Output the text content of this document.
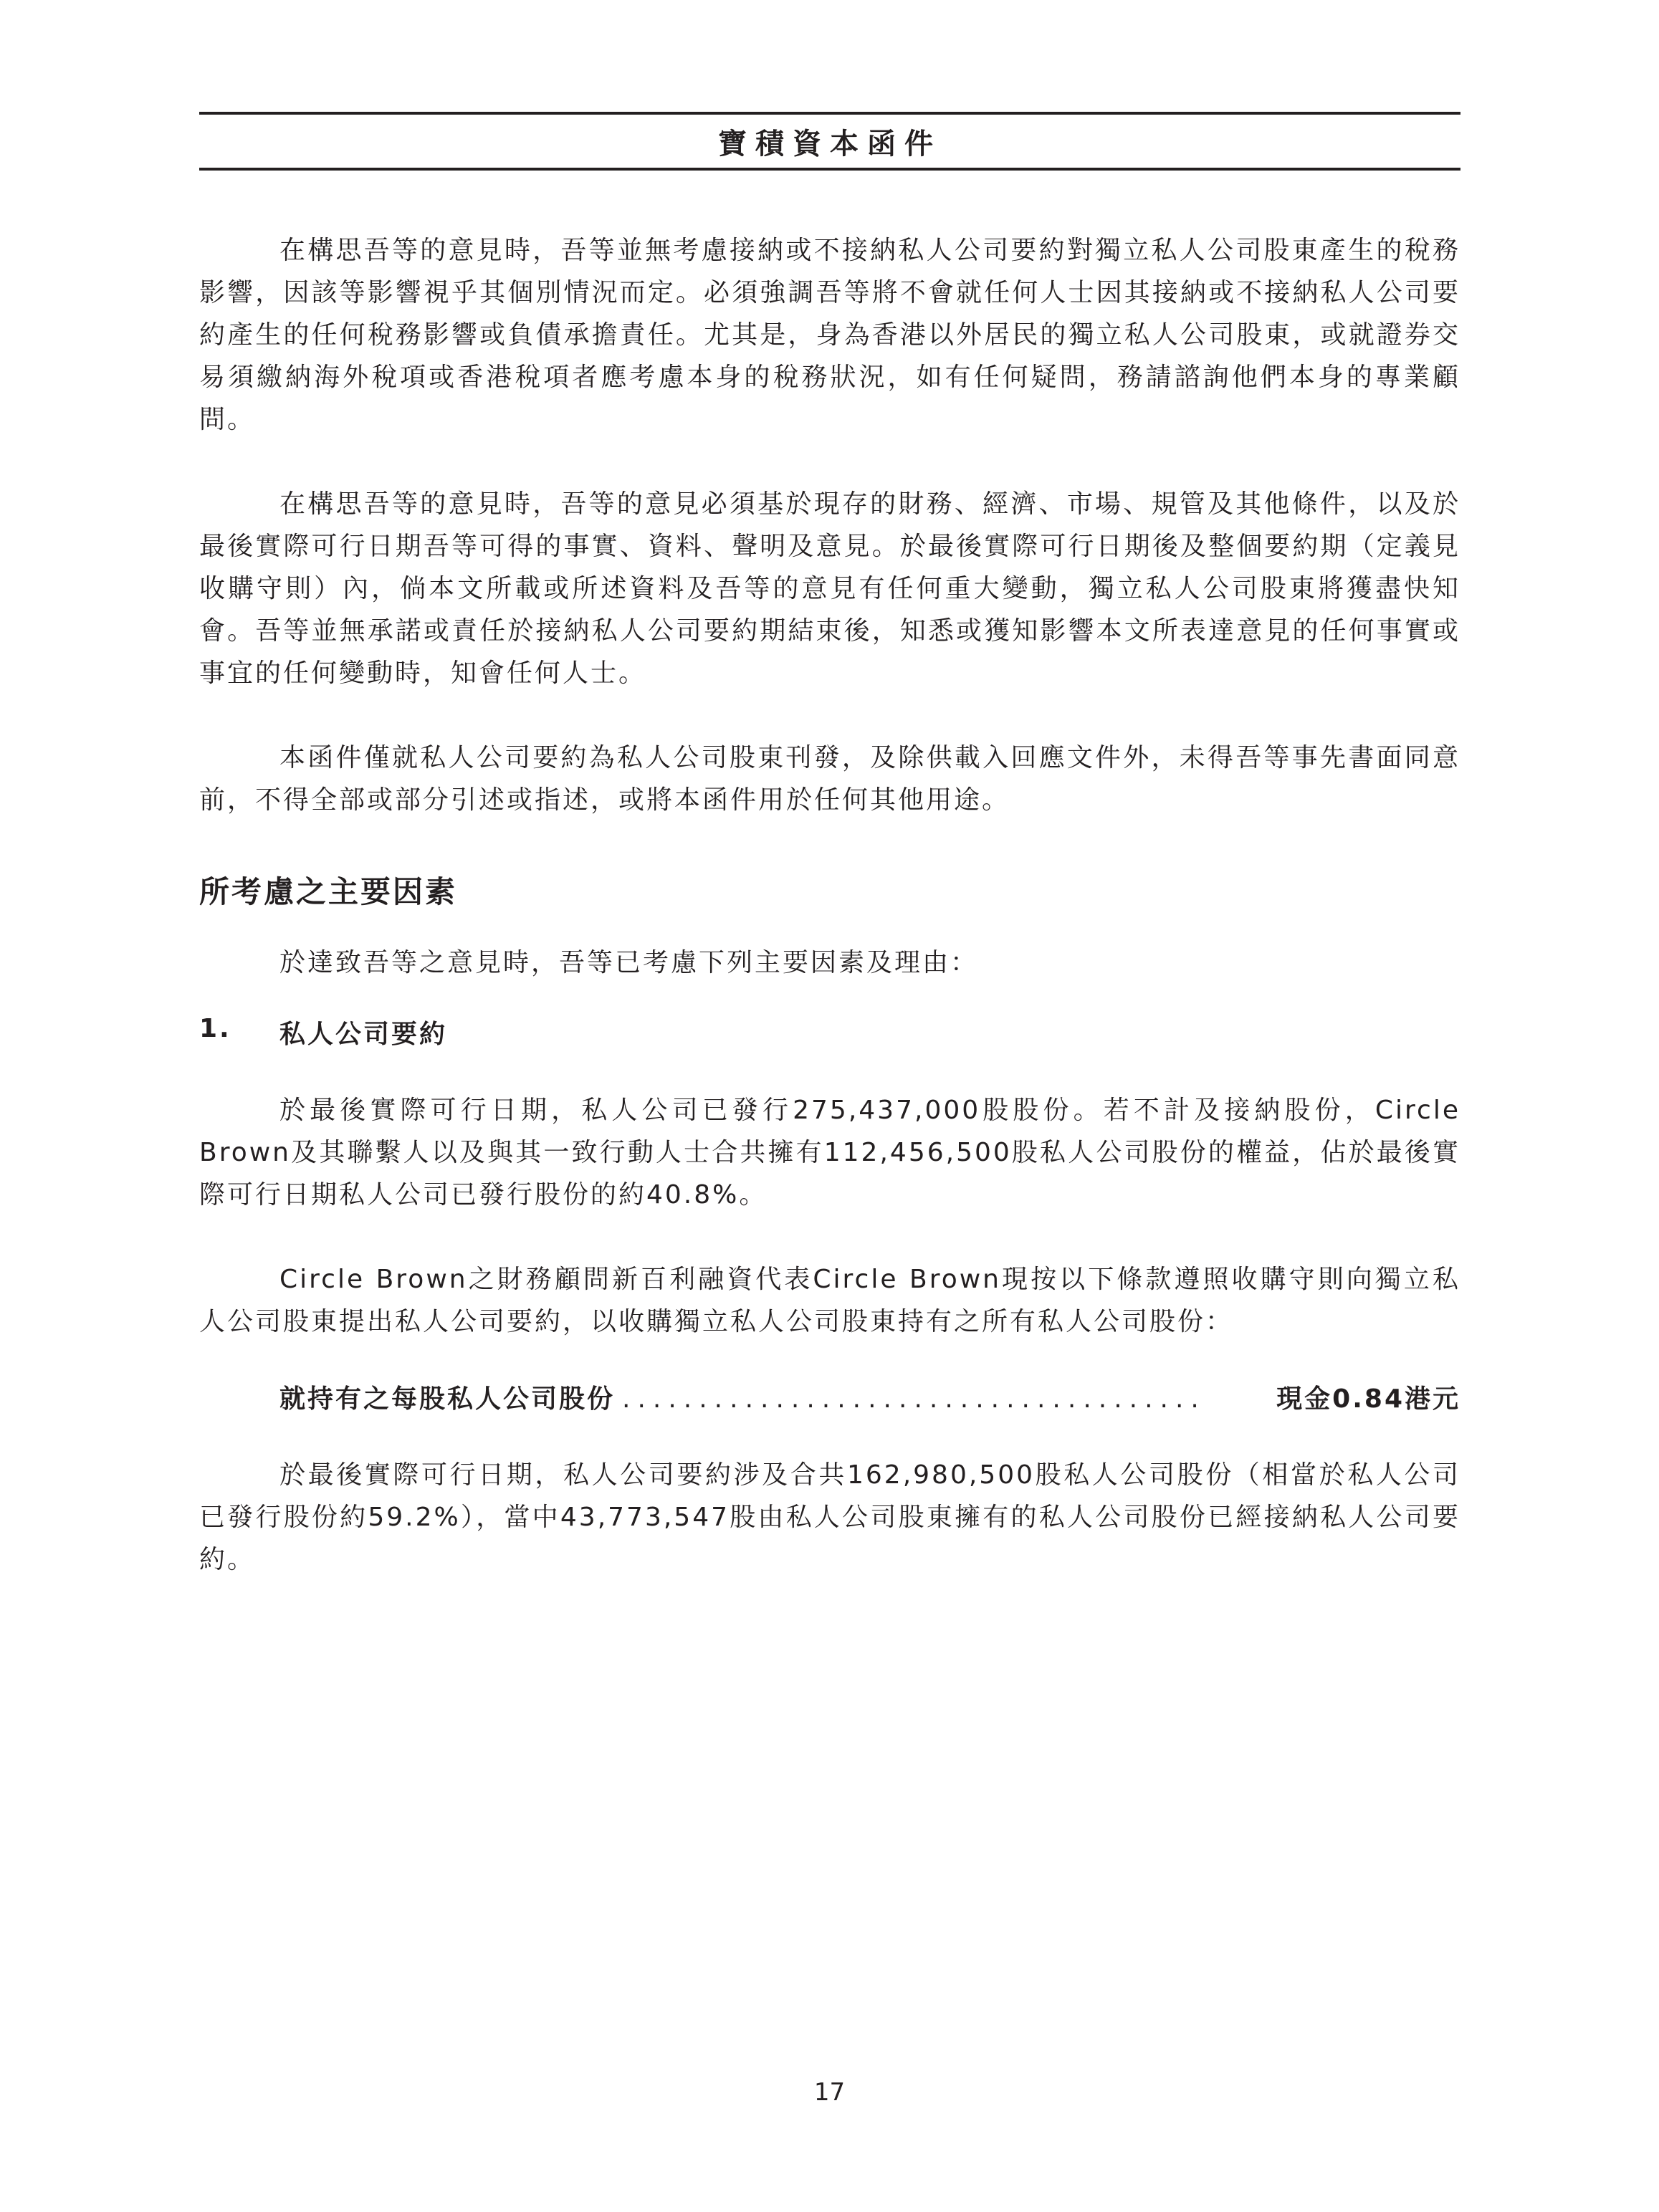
寶積資本函件

在構思吾等的意見時，吾等並無考慮接納或不接納私人公司要約對獨立私人公司股東產生的稅務影響，因該等影響視乎其個別情況而定。必須強調吾等將不會就任何人士因其接納或不接納私人公司要約產生的任何稅務影響或負債承擔責任。尤其是，身為香港以外居民的獨立私人公司股東，或就證券交易須繳納海外稅項或香港稅項者應考慮本身的稅務狀況，如有任何疑問，務請諮詢他們本身的專業顧問。

在構思吾等的意見時，吾等的意見必須基於現存的財務、經濟、市場、規管及其他條件，以及於最後實際可行日期吾等可得的事實、資料、聲明及意見。於最後實際可行日期後及整個要約期（定義見收購守則）內，倘本文所載或所述資料及吾等的意見有任何重大變動，獨立私人公司股東將獲盡快知會。吾等並無承諾或責任於接納私人公司要約期結束後，知悉或獲知影響本文所表達意見的任何事實或事宜的任何變動時，知會任何人士。

本函件僅就私人公司要約為私人公司股東刊發，及除供載入回應文件外，未得吾等事先書面同意前，不得全部或部分引述或指述，或將本函件用於任何其他用途。

所考慮之主要因素

於達致吾等之意見時，吾等已考慮下列主要因素及理由：

1.	私人公司要約

於最後實際可行日期，私人公司已發行275,437,000股股份。若不計及接納股份，Circle Brown及其聯繫人以及與其一致行動人士合共擁有112,456,500股私人公司股份的權益，佔於最後實際可行日期私人公司已發行股份的約40.8%。

Circle Brown之財務顧問新百利融資代表Circle Brown現按以下條款遵照收購守則向獨立私人公司股東提出私人公司要約，以收購獨立私人公司股東持有之所有私人公司股份：

就持有之每股私人公司股份 ......................................	現金0.84港元

於最後實際可行日期，私人公司要約涉及合共162,980,500股私人公司股份（相當於私人公司已發行股份約59.2%），當中43,773,547股由私人公司股東擁有的私人公司股份已經接納私人公司要約。

17
